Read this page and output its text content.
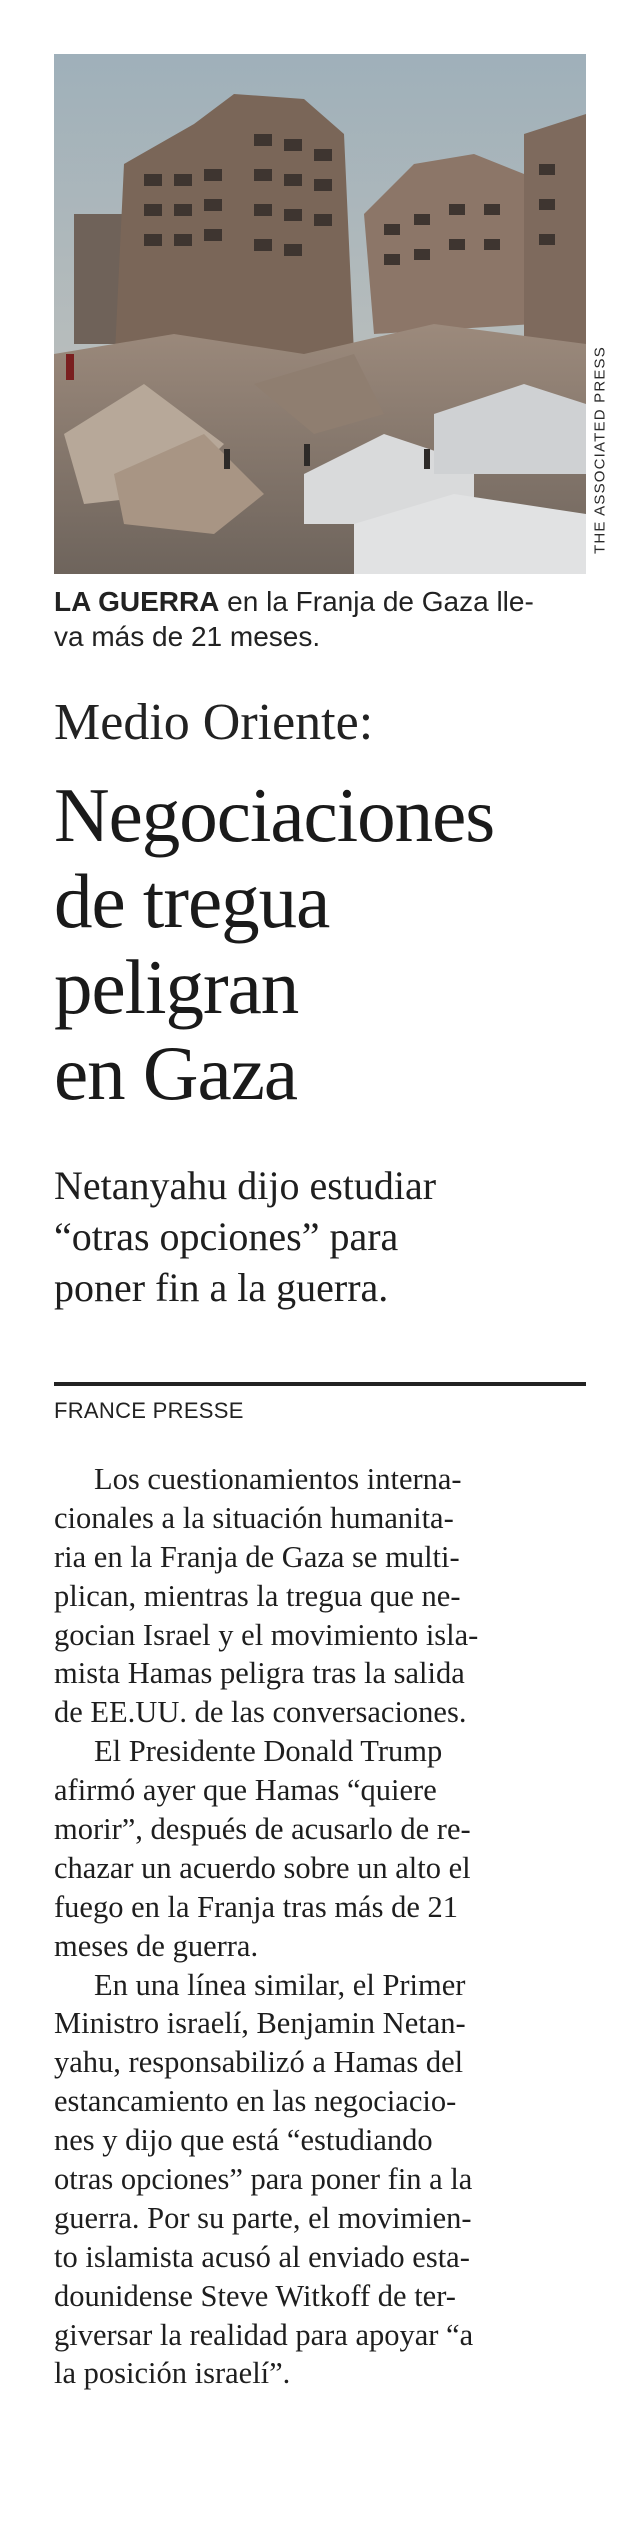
THE ASSOCIATED PRESS
LA GUERRA en la Franja de Gaza lle-
va más de 21 meses.
Medio Oriente:
Negociaciones
de tregua
peligran
en Gaza
Netanyahu dijo estudiar
“otras opciones” para
poner fin a la guerra.
FRANCE PRESSE
Los cuestionamientos interna-
cionales a la situación humanita-
ria en la Franja de Gaza se multi-
plican, mientras la tregua que ne-
gocian Israel y el movimiento isla-
mista Hamas peligra tras la salida
de EE.UU. de las conversaciones.
El Presidente Donald Trump
afirmó ayer que Hamas “quiere
morir”, después de acusarlo de re-
chazar un acuerdo sobre un alto el
fuego en la Franja tras más de 21
meses de guerra.
En una línea similar, el Primer
Ministro israelí, Benjamin Netan-
yahu, responsabilizó a Hamas del
estancamiento en las negociacio-
nes y dijo que está “estudiando
otras opciones” para poner fin a la
guerra. Por su parte, el movimien-
to islamista acusó al enviado esta-
dounidense Steve Witkoff de ter-
giversar la realidad para apoyar “a
la posición israelí”.
